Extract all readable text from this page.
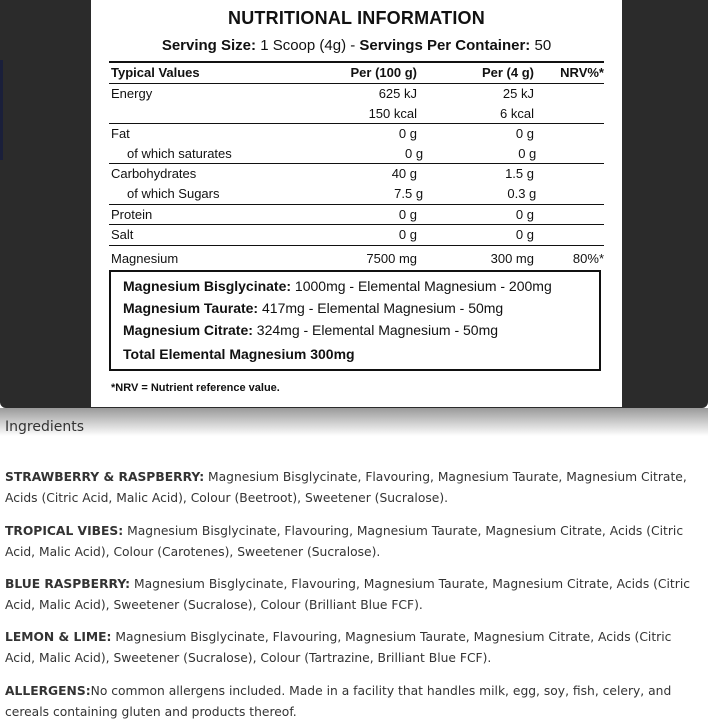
NUTRITIONAL INFORMATION
Serving Size: 1 Scoop (4g) - Servings Per Container: 50
Typical Values	Per (100 g)	Per (4 g)	NRV%*
Energy	625 kJ	25 kJ
150 kcal	6 kcal
Fat	0 g	0 g
of which saturates	0 g	0 g
Carbohydrates	40 g	1.5 g
of which Sugars	7.5 g	0.3 g
Protein	0 g	0 g
Salt	0 g	0 g
Magnesium	7500 mg	300 mg	80%*
Magnesium Bisglycinate: 1000mg - Elemental Magnesium - 200mg
Magnesium Taurate: 417mg - Elemental Magnesium - 50mg
Magnesium Citrate: 324mg - Elemental Magnesium - 50mg
Total Elemental Magnesium 300mg
*NRV = Nutrient reference value.
Ingredients
STRAWBERRY & RASPBERRY: Magnesium Bisglycinate, Flavouring, Magnesium Taurate, Magnesium Citrate, Acids (Citric Acid, Malic Acid), Colour (Beetroot), Sweetener (Sucralose).
TROPICAL VIBES: Magnesium Bisglycinate, Flavouring, Magnesium Taurate, Magnesium Citrate, Acids (Citric Acid, Malic Acid), Colour (Carotenes), Sweetener (Sucralose).
BLUE RASPBERRY: Magnesium Bisglycinate, Flavouring, Magnesium Taurate, Magnesium Citrate, Acids (Citric Acid, Malic Acid), Sweetener (Sucralose), Colour (Brilliant Blue FCF).
LEMON & LIME: Magnesium Bisglycinate, Flavouring, Magnesium Taurate, Magnesium Citrate, Acids (Citric Acid, Malic Acid), Sweetener (Sucralose), Colour (Tartrazine, Brilliant Blue FCF).
ALLERGENS:No common allergens included. Made in a facility that handles milk, egg, soy, fish, celery, and cereals containing gluten and products thereof.
